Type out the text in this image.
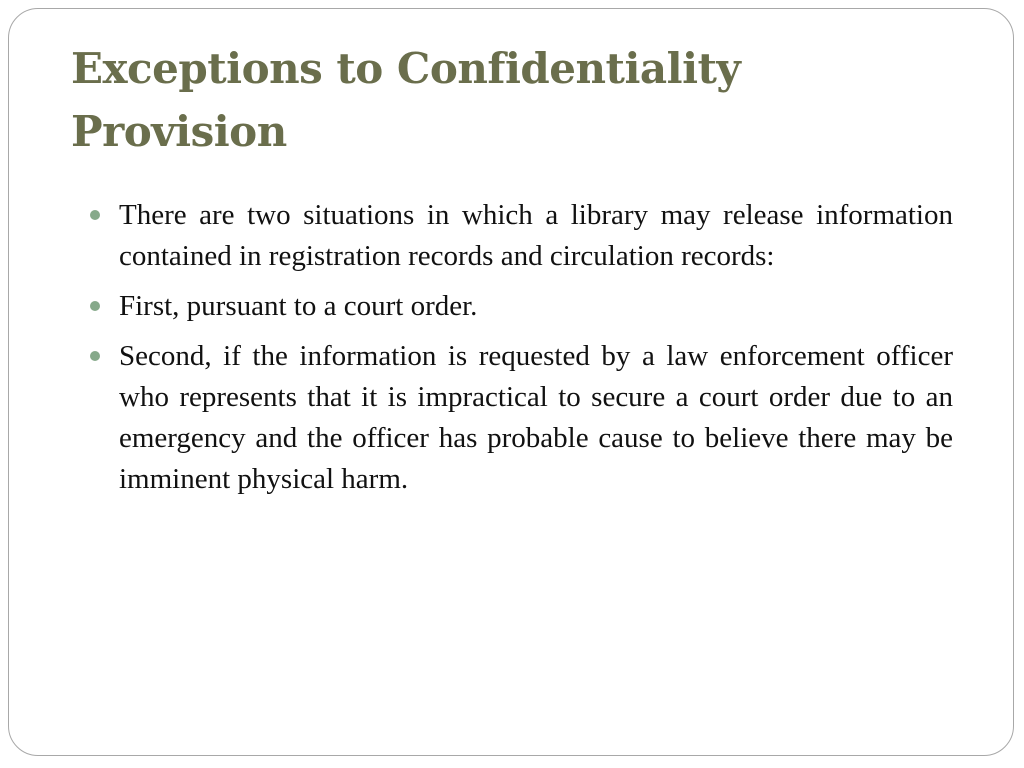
Exceptions to Confidentiality Provision
There are two situations in which a library may release information contained in registration records and circulation records:
First, pursuant to a court order.
Second, if the information is requested by a law enforcement officer who represents that it is impractical to secure a court order due to an emergency and the officer has probable cause to believe there may be imminent physical harm.
